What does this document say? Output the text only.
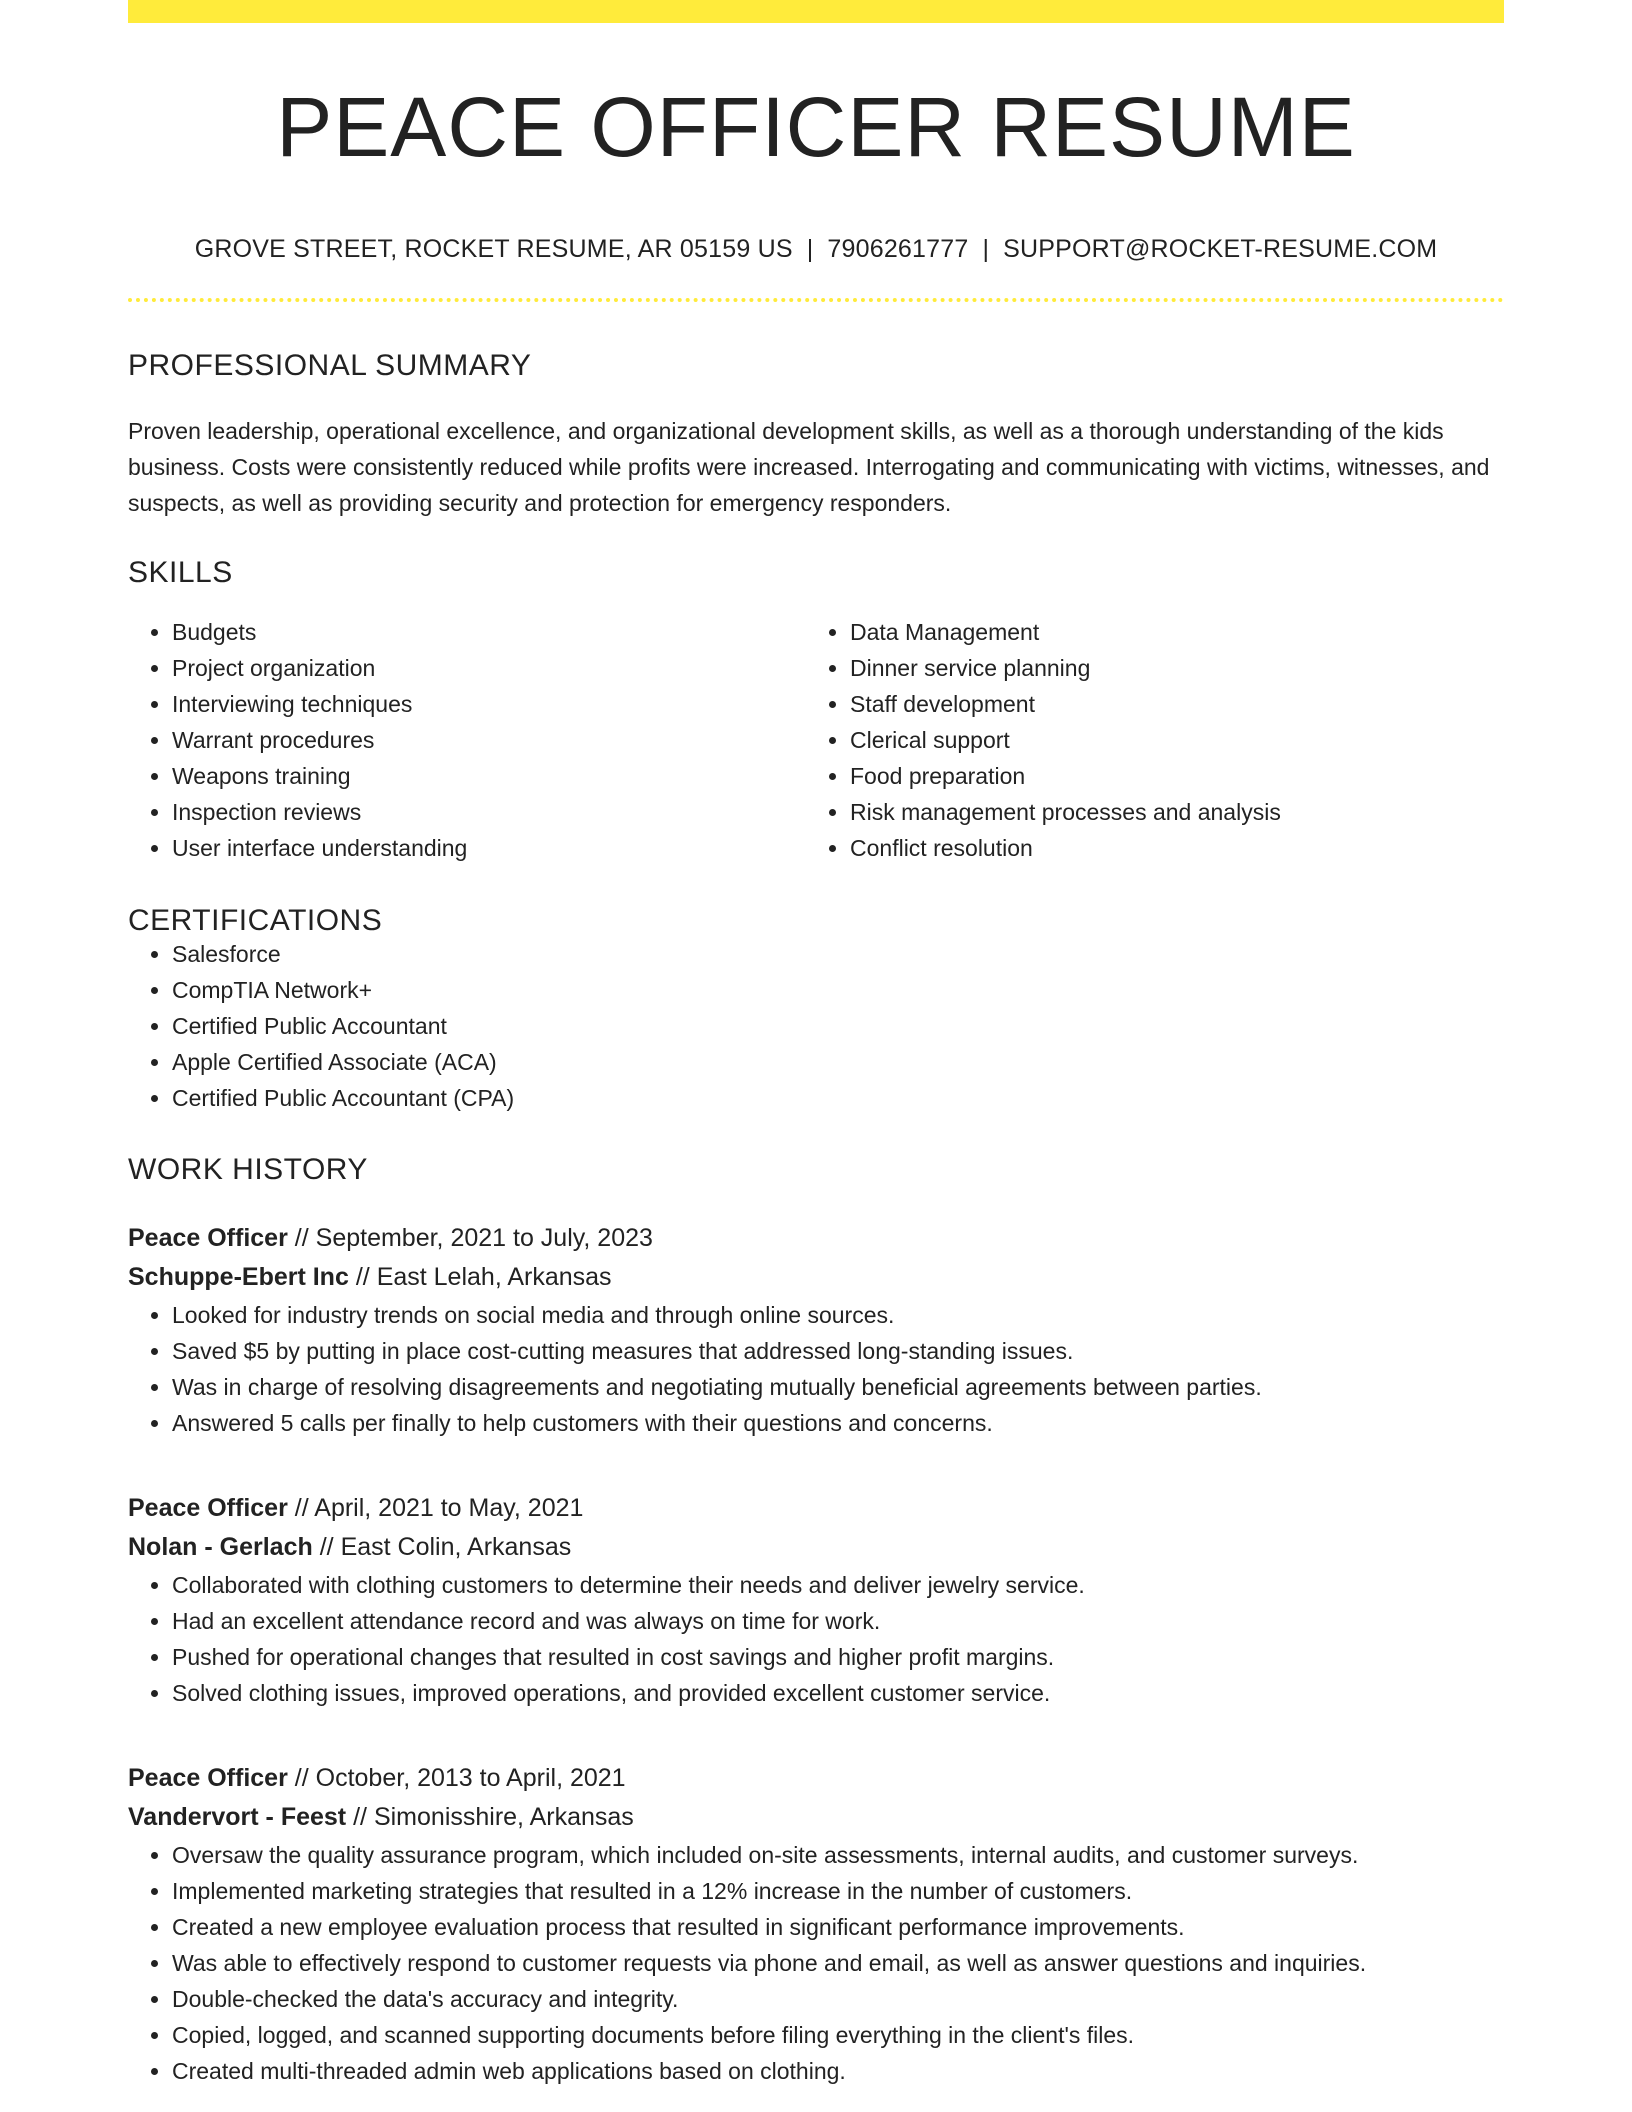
PEACE OFFICER RESUME
GROVE STREET, ROCKET RESUME, AR 05159 US | 7906261777 | SUPPORT@ROCKET-RESUME.COM
PROFESSIONAL SUMMARY

Proven leadership, operational excellence, and organizational development skills, as well as a thorough understanding of the kids business. Costs were consistently reduced while profits were increased. Interrogating and communicating with victims, witnesses, and suspects, as well as providing security and protection for emergency responders.

SKILLS
• Budgets
• Project organization
• Interviewing techniques
• Warrant procedures
• Weapons training
• Inspection reviews
• User interface understanding
• Data Management
• Dinner service planning
• Staff development
• Clerical support
• Food preparation
• Risk management processes and analysis
• Conflict resolution
CERTIFICATIONS
• Salesforce
• CompTIA Network+
• Certified Public Accountant
• Apple Certified Associate (ACA)
• Certified Public Accountant (CPA)
WORK HISTORY
Peace Officer // September, 2021 to July, 2023
Schuppe-Ebert Inc // East Lelah, Arkansas
• Looked for industry trends on social media and through online sources.
• Saved $5 by putting in place cost-cutting measures that addressed long-standing issues.
• Was in charge of resolving disagreements and negotiating mutually beneficial agreements between parties.
• Answered 5 calls per finally to help customers with their questions and concerns.
Peace Officer // April, 2021 to May, 2021
Nolan - Gerlach // East Colin, Arkansas
• Collaborated with clothing customers to determine their needs and deliver jewelry service.
• Had an excellent attendance record and was always on time for work.
• Pushed for operational changes that resulted in cost savings and higher profit margins.
• Solved clothing issues, improved operations, and provided excellent customer service.
Peace Officer // October, 2013 to April, 2021
Vandervort - Feest // Simonisshire, Arkansas
• Oversaw the quality assurance program, which included on-site assessments, internal audits, and customer surveys.
• Implemented marketing strategies that resulted in a 12% increase in the number of customers.
• Created a new employee evaluation process that resulted in significant performance improvements.
• Was able to effectively respond to customer requests via phone and email, as well as answer questions and inquiries.
• Double-checked the data's accuracy and integrity.
• Copied, logged, and scanned supporting documents before filing everything in the client's files.
• Created multi-threaded admin web applications based on clothing.
